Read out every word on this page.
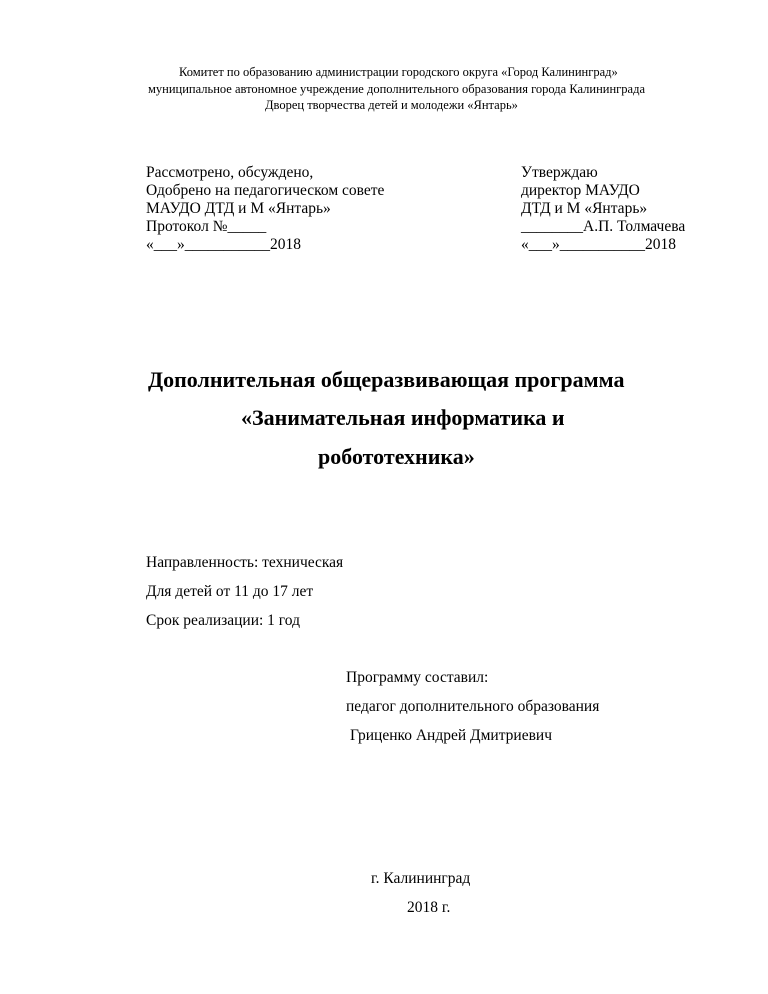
Комитет по образованию администрации городского округа «Город Калининград»
муниципальное автономное учреждение дополнительного образования города Калининграда
Дворец творчества детей и молодежи «Янтарь»
Рассмотрено, обсуждено,
Одобрено на педагогическом совете
МАУДО ДТД и М «Янтарь»
Протокол №_____
«___»___________2018
Утверждаю
директор МАУДО
ДТД и М «Янтарь»
________А.П. Толмачева
«___»___________2018
Дополнительная общеразвивающая программа
«Занимательная информатика и
робототехника»
Направленность: техническая
Для детей от 11 до 17 лет
Срок реализации: 1 год
Программу составил:
педагог дополнительного образования
Гриценко Андрей Дмитриевич
г. Калининград
2018 г.
